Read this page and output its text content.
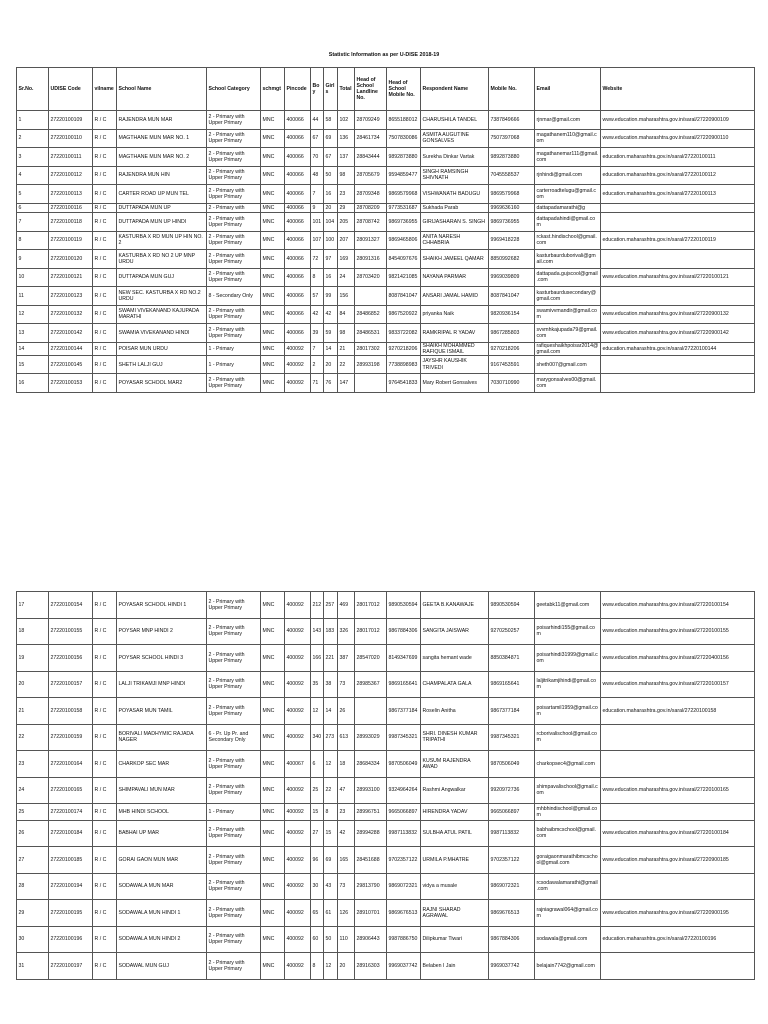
Statistic Information as per U-DISE 2018-19
Sr.No.	UDISE Code	vilname	School Name	School Category	schmgt	Pincode	Boy	Girls	Total	Head of School Landline No.	Head of School Mobile No.	Respondent Name	Mobile No.	Email	Website
1	27220100109	R / C	RAJENDRA MUN MAR	2 - Primary with Upper Primary	MNC	400066	44	58	102	28709249	8655188012	CHARUSHILA TANDEL	7387849666	rjnmar@gmail.com	www.education.maharashtra.gov.in/saral/27220900109
2	27220100110	R / C	MAGTHANE MUN MAR NO. 1	2 - Primary with Upper Primary	MNC	400066	67	69	136	28461734	7507830086	ASMITA AUGUTINE GONSALVES	7507397068	magathanem110@gmail.com	www.education.maharashtra.gov.in/saral/27220900110
3	27220100111	R / C	MAGTHANE MUN MAR NO. 2	2 - Primary with Upper Primary	MNC	400066	70	67	137	28843444	9892873880	Surekha Dinkar Vartak	9892873880	magathanemar111@gmail.com	education.maharashtra.gov.in/saral/27220100111
4	27220100112	R / C	RAJENDRA MUN HIN	2 - Primary with Upper Primary	MNC	400066	48	50	98	28705679	9594859477	SINGH RAMSINGH SHIVNATH	7045558537	rjnhindi@gmail.com	education.maharashtra.gov.in/saral/27220100112
5	27220100113	R / C	CARTER ROAD UP MUN TEL	2 - Primary with Upper Primary	MNC	400066	7	16	23	28709348	9869579968	VISHWANATH BADUGU	9869579968	carterroadtelugu@gmail.com	education.maharashtra.gov.in/saral/27220100113
6	27220100116	R / C	DUTTAPADA MUN UP	2 - Primary with	MNC	400066	9	20	29	28708209	9773531687	Sukhada Parab	9969636160	dattapadamarathi@g	
7	27220100118	R / C	DUTTAPADA MUN UP HINDI	2 - Primary with Upper Primary	MNC	400066	101	104	205	28708742	9869736955	GIRIJASHARAN S. SINGH	9869736955	dattapadahindi@gmail.com	
8	27220100119	R / C	KASTURBA X RD MUN UP HIN NO. 2	2 - Primary with Upper Primary	MNC	400066	107	100	207	28091327	9869465806	ANITA NARESH CHHABRIA	9969418228	rckast.hindischool@gmail.com	education.maharashtra.gov.in/saral/27220100119
9	27220100120	R / C	KASTURBA X RD NO 2 UP MNP URDU	2 - Primary with Upper Primary	MNC	400066	72	97	169	28091316	8454097676	SHAIKH JAMEEL QAMAR	8850992682	kasturbaurduborivali@gmail.com	
10	27220100121	R / C	DUTTAPADA MUN GUJ	2 - Primary with Upper Primary	MNC	400066	8	16	24	28703420	9821421085	NAYANA PARMAR	9969039809	dattapada.gujscool@gmail.com	www.education.maharashtra.gov.in/saral/27220100121
11	27220100123	R / C	NEW SEC. KASTURBA X RD NO.2 URDU	8 - Secondary Only	MNC	400066	57	99	156		8087841047	ANSARI JAMAL HAMID	8087841047	kasturbaurdusecondary@gmail.com	
12	27220100132	R / C	SWAMI VIVEKANAND KAJUPADA MARATHI	2 - Primary with Upper Primary	MNC	400066	42	42	84	28486852	9867520922	priyanka Naik	9820936154	swamivvmandir@gmail.com	www.education.maharashtra.gov.in/saral/27220900132
13	27220100142	R / C	SWAMIA VIVEKANAND HINDI	2 - Primary with Upper Primary	MNC	400066	39	59	98	28486531	9833722082	RAMKRIPAL R YADAV	9867285803	svvmhkajupada79@gmail.com	www.education.maharashtra.gov.in/saral/27220900142
14	27220100144	R / C	POISAR MUN URDU	1 - Primary	MNC	400092	7	14	21	28017302	9270218206	SHAIKH MOHAMMED RAFIQUE ISMAIL	9270218206	rafiqueshaikhpoisar2014@gmail.com	education.maharashtra.gov.in/saral/27220100144
15	27220100145	R / C	SHETH LALJI GUJ	1 - Primary	MNC	400092	2	20	22	28993198	7738898983	JAYSHR KAUSHIK TRIVEDI	9167453591	sheth007@gmail.com	
16	27220100153	R / C	POYASAR SCHOOL MAR2	2 - Primary with Upper Primary	MNC	400092	71	76	147		9764541833	Mary Robert Gonsalves	7030710990	marygonsalves00@gmail.com	
17	27220100154	R / C	POYASAR SCHOOL HINDI 1	2 - Primary with Upper Primary	MNC	400092	212	257	469	28017012	9890530594	GEETA B.KANAWAJE	9890530594	geetabk11@gmail.com	www.education.maharashtra.gov.in/saral/27220100154
18	27220100155	R / C	POYSAR MNP HINDI 2	2 - Primary with Upper Primary	MNC	400092	143	183	326	28017012	9867884306	SANGITA JAISWAR	9270250257	poisarhindi155@gmail.com	www.education.maharashtra.gov.in/saral/27220100155
19	27220100156	R / C	POYSAR SCHOOL HINDI 3	2 - Primary with Upper Primary	MNC	400092	166	221	387	28547020	8149347699	sangita hemant wade	8850384871	poisarhindi31999@gmail.com	www.education.maharashtra.gov.in/saral/27220400156
20	27220100157	R / C	LALJI TRIKAMJI MNP HINDI	2 - Primary with Upper Primary	MNC	400092	35	38	73	28985367	9869165641	CHAMPALATA GALA	9869165641	laljitrikamjihindi@gmail.com	www.education.maharashtra.gov.in/saral/27220100157
21	27220100158	R / C	POYASAR MUN TAMIL	2 - Primary with Upper Primary	MNC	400092	12	14	26		9867377184	Roselin Anitha	9867377184	poisartamil1959@gmail.com	education.maharashtra.gov.in/saral/27220100158
22	27220100159	R / C	BORIVALI MADHYMIC RAJADA NAGER	6 - Pr. Up Pr. and Secondary Only	MNC	400092	340	273	613	28993029	9987345321	SHRI. DINESH KUMAR TRIPATHI	9987345321	rcborivalischool@gmail.com	
23	27220100164	R / C	CHARKOP SEC MAR	2 - Primary with Upper Primary	MNC	400067	6	12	18	28684334	9870506049	KUSUM RAJENDRA AWAD	9870506049	charkopsec4@gmail.com	
24	27220100165	R / C	SHIMPAVALI MUN MAR	2 - Primary with Upper Primary	MNC	400092	25	22	47	28993100	9324964264	Rashmi Angwalkar	9920972736	shimpavalischool@gmail.com	www.education.maharashtra.gov.in/saral/27220100165
25	27220100174	R / C	MHB HINDI SCHOOL	1 - Primary	MNC	400092	15	8	23	28996751	9665066897	HIRENDRA YADAV	9665066897	mhbhindischool@gmail.com	
26	27220100184	R / C	BABHAI UP MAR	2 - Primary with Upper Primary	MNC	400092	27	15	42	28994288	9987113832	SULBHA ATUL PATIL	9987113832	babhaibmcschool@gmail.com	www.education.maharashtra.gov.in/saral/27220100184
27	27220100185	R / C	GORAI GAON MUN MAR	2 - Primary with Upper Primary	MNC	400092	96	69	165	28451688	9702357122	URMILA P.MHATRE	9702357122	goraigaonmarathibmcschool@gmail.com	www.education.maharashtra.gov.in/saral/27220900185
28	27220100194	R / C	SODAWALA MUN MAR	2 - Primary with Upper Primary	MNC	400092	30	43	73	29813790	9869072321	vidya a musale	9869072321	rcsodawalamarathi@gmail.com	
29	27220100195	R / C	SODAWALA MUN HINDI 1	2 - Primary with Upper Primary	MNC	400092	65	61	126	28910701	9869676513	RAJNI SHARAD AGRAWAL	9869676513	rajniagrawal064@gmail.com	www.education.maharashtra.gov.in/saral/27220900195
30	27220100196	R / C	SODAWALA MUN HINDI 2	2 - Primary with Upper Primary	MNC	400092	60	50	110	28906443	9987886750	Dilipkumar Tiwari	9867884306	sodawala@gmail.com	education.maharashtra.gov.in/saral/27220100196
31	27220100197	R / C	SODAWAL MUN GUJ	2 - Primary with Upper Primary	MNC	400092	8	12	20	28916303	9969037742	Belaben I Jain	9969037742	belajain7742@gmail.com	
